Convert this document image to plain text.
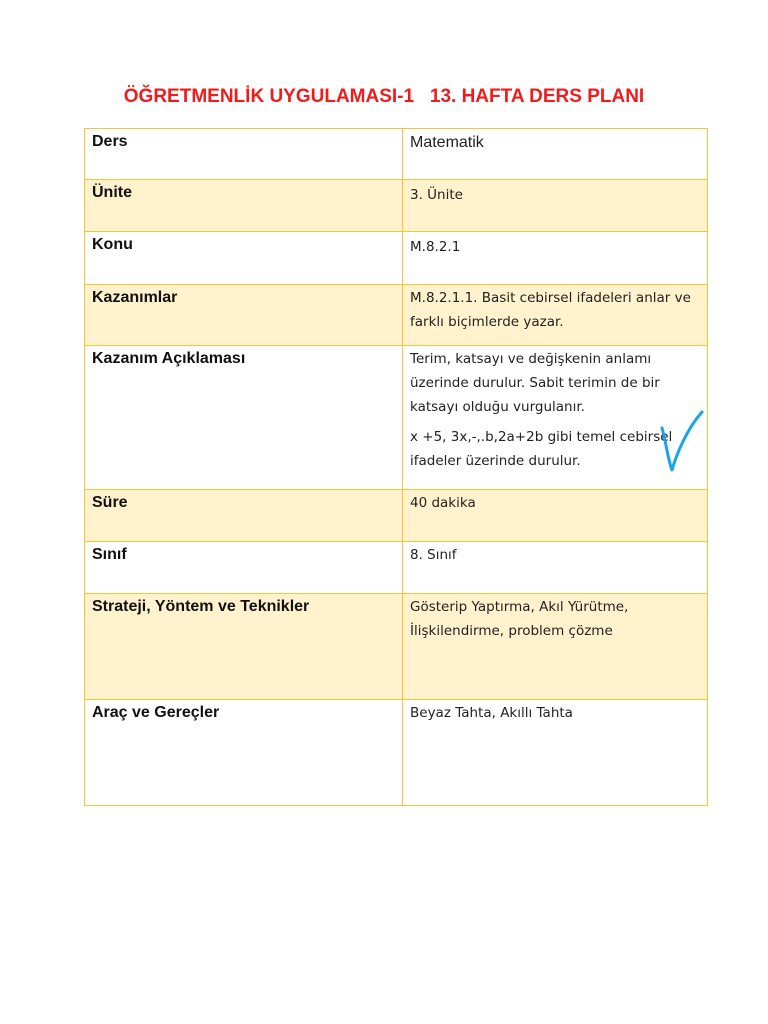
ÖĞRETMENLİK UYGULAMASI-1   13. HAFTA DERS PLANI
Ders	Matematik

Ünite	3. Ünite

Konu	M.8.2.1

Kazanımlar	M.8.2.1.1. Basit cebirsel ifadeleri anlar ve farklı biçimlerde yazar.

Kazanım Açıklaması	Terim, katsayı ve değişkenin anlamı üzerinde durulur. Sabit terimin de bir katsayı olduğu vurgulanır.

x +5, 3x,-,.b,2a+2b gibi temel cebirsel ifadeler üzerinde durulur.

Süre	40 dakika

Sınıf	8. Sınıf

Strateji, Yöntem ve Teknikler	Gösterip Yaptırma, Akıl Yürütme, İlişkilendirme, problem çözme

Araç ve Gereçler	Beyaz Tahta, Akıllı Tahta
